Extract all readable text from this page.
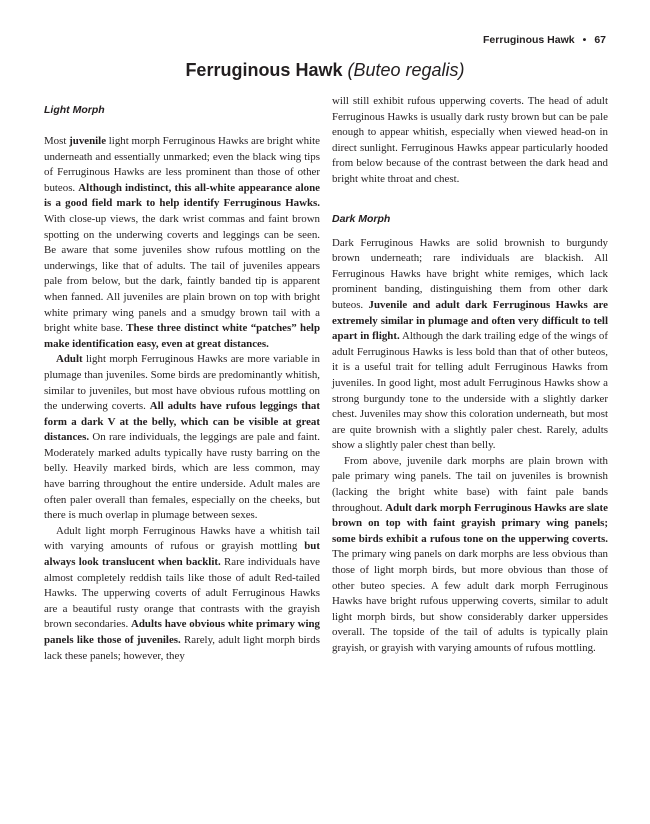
Ferruginous Hawk • 67
Ferruginous Hawk (Buteo regalis)
Light Morph

Most juvenile light morph Ferruginous Hawks are bright white underneath and essentially unmarked; even the black wing tips of Ferruginous Hawks are less prominent than those of other buteos. Although indistinct, this all-white appearance alone is a good field mark to help identify Ferruginous Hawks. With close-up views, the dark wrist commas and faint brown spotting on the underwing coverts and leggings can be seen. Be aware that some juveniles show rufous mottling on the underwings, like that of adults. The tail of juveniles appears pale from below, but the dark, faintly banded tip is apparent when fanned. All juveniles are plain brown on top with bright white primary wing panels and a smudgy brown tail with a bright white base. These three distinct white “patches” help make identification easy, even at great distances.

Adult light morph Ferruginous Hawks are more variable in plumage than juveniles. Some birds are predominantly whitish, similar to juveniles, but most have obvious rufous mottling on the underwing coverts. All adults have rufous leggings that form a dark V at the belly, which can be visible at great distances. On rare individuals, the leggings are pale and faint. Moderately marked adults typically have rusty barring on the belly. Heavily marked birds, which are less common, may have barring throughout the entire underside. Adult males are often paler overall than females, especially on the cheeks, but there is much overlap in plumage between sexes.

Adult light morph Ferruginous Hawks have a whitish tail with varying amounts of rufous or grayish mottling but always look translucent when backlit. Rare individuals have almost completely reddish tails like those of adult Red-tailed Hawks. The upperwing coverts of adult Ferruginous Hawks are a beautiful rusty orange that contrasts with the grayish brown secondaries. Adults have obvious white primary wing panels like those of juveniles. Rarely, adult light morph birds lack these panels; however, they

will still exhibit rufous upperwing coverts. The head of adult Ferruginous Hawks is usually dark rusty brown but can be pale enough to appear whitish, especially when viewed head-on in direct sunlight. Ferruginous Hawks appear particularly hooded from below because of the contrast between the dark head and bright white throat and chest.

Dark Morph

Dark Ferruginous Hawks are solid brownish to burgundy brown underneath; rare individuals are blackish. All Ferruginous Hawks have bright white remiges, which lack prominent banding, distinguishing them from other dark buteos. Juvenile and adult dark Ferruginous Hawks are extremely similar in plumage and often very difficult to tell apart in flight. Although the dark trailing edge of the wings of adult Ferruginous Hawks is less bold than that of other buteos, it is a useful trait for telling adult Ferruginous Hawks from juveniles. In good light, most adult Ferruginous Hawks show a strong burgundy tone to the underside with a slightly darker chest. Juveniles may show this coloration underneath, but most are quite brownish with a slightly paler chest. Rarely, adults show a slightly paler chest than belly.

From above, juvenile dark morphs are plain brown with pale primary wing panels. The tail on juveniles is brownish (lacking the bright white base) with faint pale bands throughout. Adult dark morph Ferruginous Hawks are slate brown on top with faint grayish primary wing panels; some birds exhibit a rufous tone on the upperwing coverts. The primary wing panels on dark morphs are less obvious than those of light morph birds, but more obvious than those of other buteo species. A few adult dark morph Ferruginous Hawks have bright rufous upperwing coverts, similar to adult light morph birds, but show considerably darker uppersides overall. The topside of the tail of adults is typically plain grayish, or grayish with varying amounts of rufous mottling.
